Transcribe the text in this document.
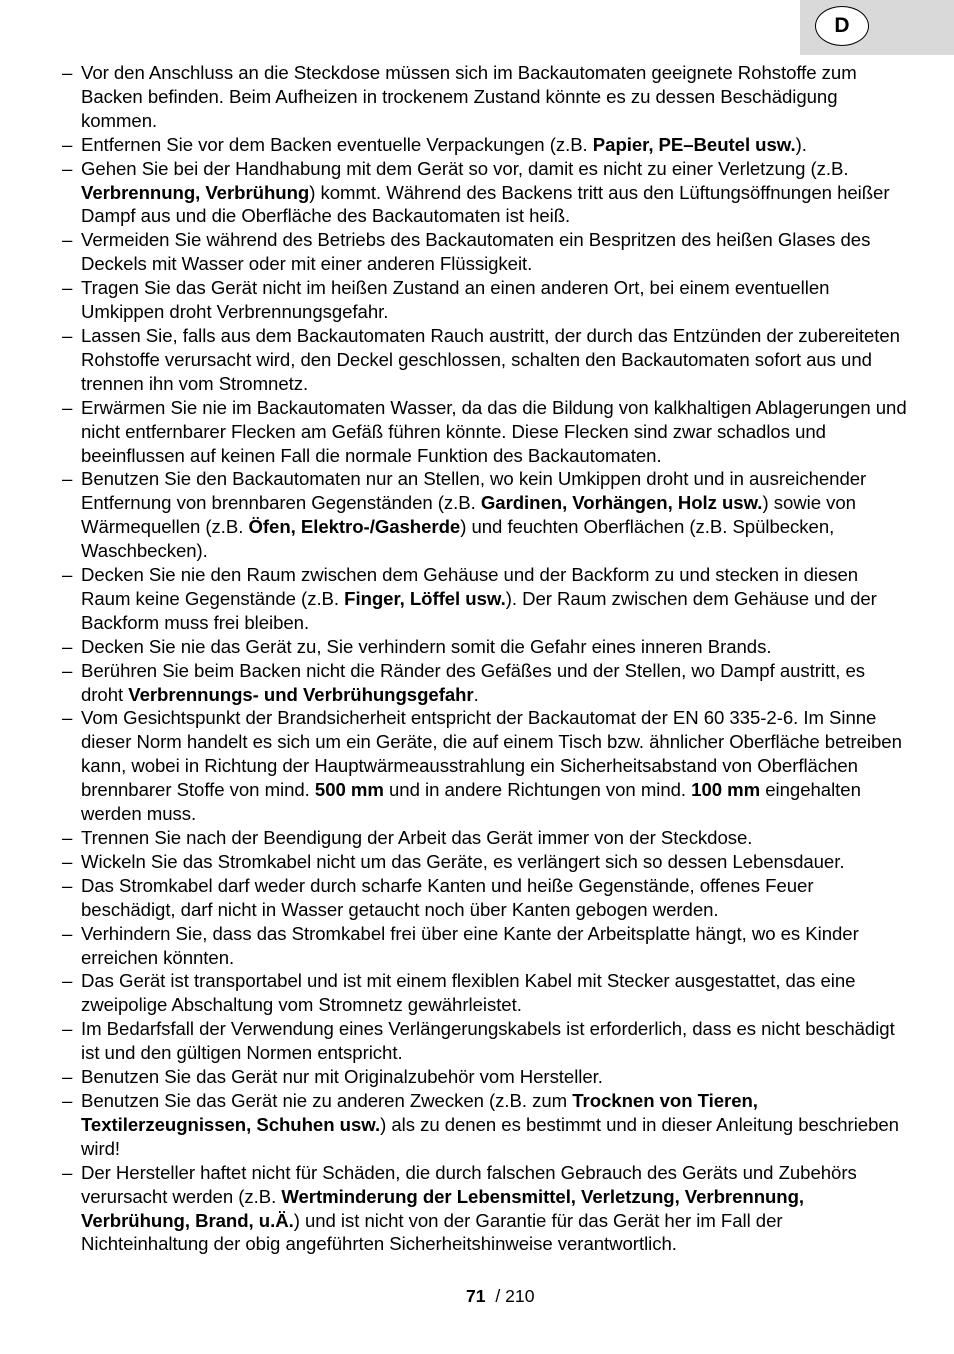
D

– Vor den Anschluss an die Steckdose müssen sich im Backautomaten geeignete Rohstoffe zum Backen befinden. Beim Aufheizen in trockenem Zustand könnte es zu dessen Beschädigung kommen.

– Entfernen Sie vor dem Backen eventuelle Verpackungen (z.B. Papier, PE–Beutel usw.).

– Gehen Sie bei der Handhabung mit dem Gerät so vor, damit es nicht zu einer Verletzung (z.B. Verbrennung, Verbrühung) kommt. Während des Backens tritt aus den Lüftungsöffnungen heißer Dampf aus und die Oberfläche des Backautomaten ist heiß.

– Vermeiden Sie während des Betriebs des Backautomaten ein Bespritzen des heißen Glases des Deckels mit Wasser oder mit einer anderen Flüssigkeit.

– Tragen Sie das Gerät nicht im heißen Zustand an einen anderen Ort, bei einem eventuellen Umkippen droht Verbrennungsgefahr.

– Lassen Sie, falls aus dem Backautomaten Rauch austritt, der durch das Entzünden der zubereiteten Rohstoffe verursacht wird, den Deckel geschlossen, schalten den Backautomaten sofort aus und trennen ihn vom Stromnetz.

– Erwärmen Sie nie im Backautomaten Wasser, da das die Bildung von kalkhaltigen Ablagerungen und nicht entfernbarer Flecken am Gefäß führen könnte. Diese Flecken sind zwar schadlos und beeinflussen auf keinen Fall die normale Funktion des Backautomaten.

– Benutzen Sie den Backautomaten nur an Stellen, wo kein Umkippen droht und in ausreichender Entfernung von brennbaren Gegenständen (z.B. Gardinen, Vorhängen, Holz usw.) sowie von Wärmequellen (z.B. Öfen, Elektro-/Gasherde) und feuchten Oberflächen (z.B. Spülbecken, Waschbecken).

– Decken Sie nie den Raum zwischen dem Gehäuse und der Backform zu und stecken in diesen Raum keine Gegenstände (z.B. Finger, Löffel usw.). Der Raum zwischen dem Gehäuse und der Backform muss frei bleiben.

– Decken Sie nie das Gerät zu, Sie verhindern somit die Gefahr eines inneren Brands.

– Berühren Sie beim Backen nicht die Ränder des Gefäßes und der Stellen, wo Dampf austritt, es droht Verbrennungs- und Verbrühungsgefahr.

– Vom Gesichtspunkt der Brandsicherheit entspricht der Backautomat der EN 60 335-2-6. Im Sinne dieser Norm handelt es sich um ein Geräte, die auf einem Tisch bzw. ähnlicher Oberfläche betreiben kann, wobei in Richtung der Hauptwärmeausstrahlung ein Sicherheitsabstand von Oberflächen brennbarer Stoffe von mind. 500 mm und in andere Richtungen von mind. 100 mm eingehalten werden muss.

– Trennen Sie nach der Beendigung der Arbeit das Gerät immer von der Steckdose.

– Wickeln Sie das Stromkabel nicht um das Geräte, es verlängert sich so dessen Lebensdauer.

– Das Stromkabel darf weder durch scharfe Kanten und heiße Gegenstände, offenes Feuer beschädigt, darf nicht in Wasser getaucht noch über Kanten gebogen werden.

– Verhindern Sie, dass das Stromkabel frei über eine Kante der Arbeitsplatte hängt, wo es Kinder erreichen könnten.

– Das Gerät ist transportabel und ist mit einem flexiblen Kabel mit Stecker ausgestattet, das eine zweipolige Abschaltung vom Stromnetz gewährleistet.

– Im Bedarfsfall der Verwendung eines Verlängerungskabels ist erforderlich, dass es nicht beschädigt ist und den gültigen Normen entspricht.

– Benutzen Sie das Gerät nur mit Originalzubehör vom Hersteller.

– Benutzen Sie das Gerät nie zu anderen Zwecken (z.B. zum Trocknen von Tieren, Textilerzeugnissen, Schuhen usw.) als zu denen es bestimmt und in dieser Anleitung beschrieben wird!

– Der Hersteller haftet nicht für Schäden, die durch falschen Gebrauch des Geräts und Zubehörs verursacht werden (z.B. Wertminderung der Lebensmittel, Verletzung, Verbrennung, Verbrühung, Brand, u.Ä.) und ist nicht von der Garantie für das Gerät her im Fall der Nichteinhaltung der obig angeführten Sicherheitshinweise verantwortlich.

71 / 210
